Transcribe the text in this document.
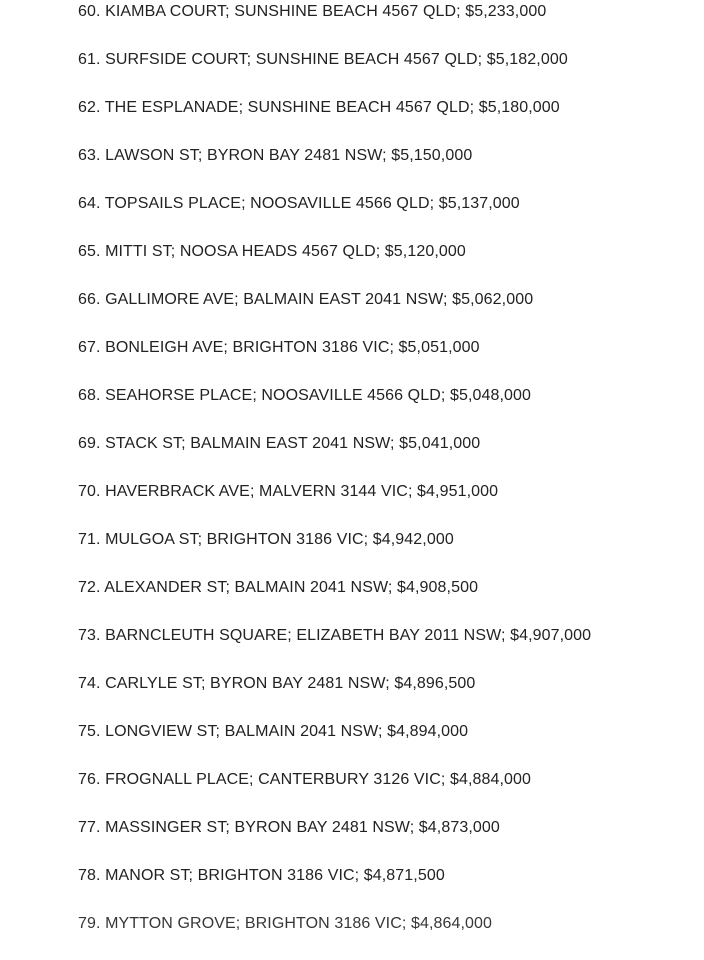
60. KIAMBA COURT; SUNSHINE BEACH 4567 QLD; $5,233,000
61. SURFSIDE COURT; SUNSHINE BEACH 4567 QLD; $5,182,000
62. THE ESPLANADE; SUNSHINE BEACH 4567 QLD; $5,180,000
63. LAWSON ST; BYRON BAY 2481 NSW; $5,150,000
64. TOPSAILS PLACE; NOOSAVILLE 4566 QLD; $5,137,000
65. MITTI ST; NOOSA HEADS 4567 QLD; $5,120,000
66. GALLIMORE AVE; BALMAIN EAST 2041 NSW; $5,062,000
67. BONLEIGH AVE; BRIGHTON 3186 VIC; $5,051,000
68. SEAHORSE PLACE; NOOSAVILLE 4566 QLD; $5,048,000
69. STACK ST; BALMAIN EAST 2041 NSW; $5,041,000
70. HAVERBRACK AVE; MALVERN 3144 VIC; $4,951,000
71. MULGOA ST; BRIGHTON 3186 VIC; $4,942,000
72. ALEXANDER ST; BALMAIN 2041 NSW; $4,908,500
73. BARNCLEUTH SQUARE; ELIZABETH BAY 2011 NSW; $4,907,000
74. CARLYLE ST; BYRON BAY 2481 NSW; $4,896,500
75. LONGVIEW ST; BALMAIN 2041 NSW; $4,894,000
76. FROGNALL PLACE; CANTERBURY 3126 VIC; $4,884,000
77. MASSINGER ST; BYRON BAY 2481 NSW; $4,873,000
78. MANOR ST; BRIGHTON 3186 VIC; $4,871,500
79. MYTTON GROVE; BRIGHTON 3186 VIC; $4,864,000
